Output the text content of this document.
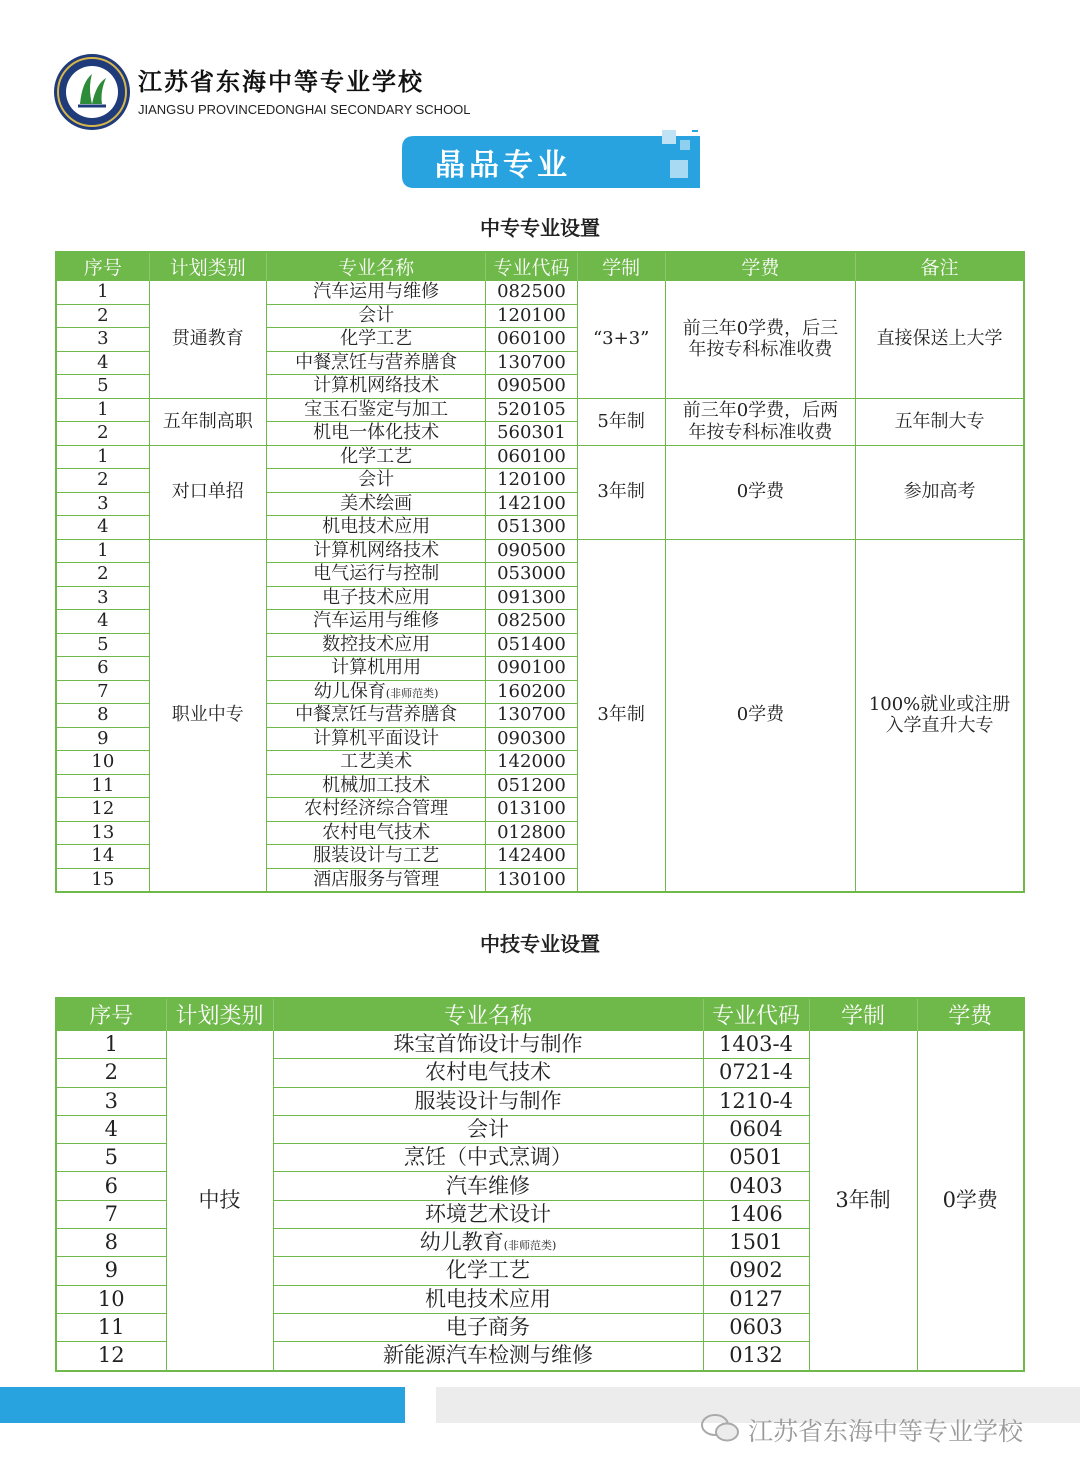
江苏省东海中等专业学校
JIANGSU PROVINCEDONGHAI SECONDARY SCHOOL
晶品专业
中专专业设置
序号	计划类别	专业名称	专业代码	学制	学费	备注
1	贯通教育	汽车运用与维修	082500	“3+3”	前三年0学费，后三年按专科标准收费	直接保送上大学
2		会计	120100			
3		化学工艺	060100			
4		中餐烹饪与营养膳食	130700			
5		计算机网络技术	090500			
1	五年制高职	宝玉石鉴定与加工	520105	5年制	前三年0学费，后两年按专科标准收费	五年制大专
2		机电一体化技术	560301			
1	对口单招	化学工艺	060100	3年制	0学费	参加高考
2		会计	120100			
3		美术绘画	142100			
4		机电技术应用	051300			
1	职业中专	计算机网络技术	090500	3年制	0学费	100%就业或注册入学直升大专
2		电气运行与控制	053000			
3		电子技术应用	091300			
4		汽车运用与维修	082500			
5		数控技术应用	051400			
6		计算机用用	090100			
7		幼儿保育(非师范类)	160200			
8		中餐烹饪与营养膳食	130700			
9		计算机平面设计	090300			
10		工艺美术	142000			
11		机械加工技术	051200			
12		农村经济综合管理	013100			
13		农村电气技术	012800			
14		服装设计与工艺	142400			
15		酒店服务与管理	130100			
中技专业设置
序号	计划类别	专业名称	专业代码	学制	学费
1	中技	珠宝首饰设计与制作	1403-4	3年制	0学费
2		农村电气技术	0721-4		
3		服装设计与制作	1210-4		
4		会计	0604		
5		烹饪（中式烹调）	0501		
6		汽车维修	0403		
7		环境艺术设计	1406		
8		幼儿教育(非师范类)	1501		
9		化学工艺	0902		
10		机电技术应用	0127		
11		电子商务	0603		
12		新能源汽车检测与维修	0132		
江苏省东海中等专业学校
